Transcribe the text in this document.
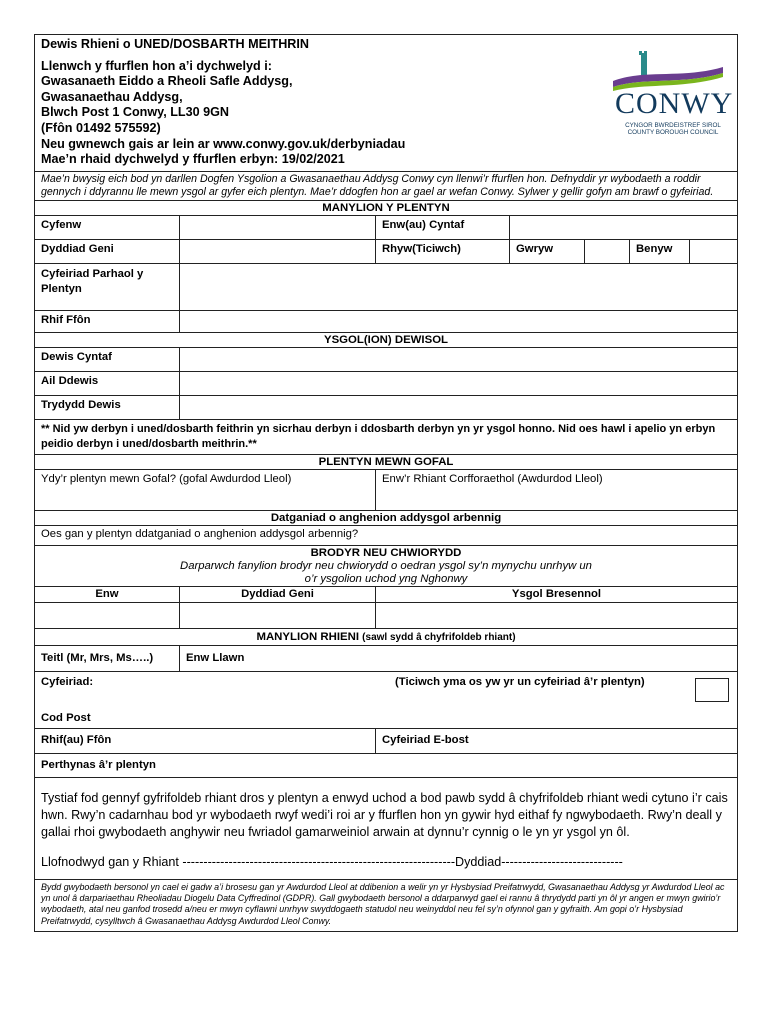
Dewis Rhieni o UNED/DOSBARTH MEITHRIN
Llenwch y ffurflen hon a’i dychwelyd i:
Gwasanaeth Eiddo a Rheoli Safle Addysg,
Gwasanaethau Addysg,
Blwch Post 1 Conwy, LL30 9GN
(Ffôn 01492 575592)
Neu gwnewch gais ar lein ar www.conwy.gov.uk/derbyniadau
Mae’n rhaid dychwelyd y ffurflen erbyn: 19/02/2021
CONWY
CYNGOR BWRDEISTREF SIROL
COUNTY BOROUGH COUNCIL
Mae’n bwysig eich bod yn darllen Dogfen Ysgolion a Gwasanaethau Addysg Conwy cyn llenwi’r ffurflen hon. Defnyddir yr wybodaeth a roddir gennych i ddyrannu lle mewn ysgol ar gyfer eich plentyn. Mae’r ddogfen hon ar gael ar wefan Conwy. Sylwer y gellir gofyn am brawf o gyfeiriad.
MANYLION Y PLENTYN
Cyfenw	Enw(au) Cyntaf
Dyddiad Geni	Rhyw(Ticiwch)	Gwryw	Benyw
Cyfeiriad Parhaol y Plentyn
Rhif Ffôn
YSGOL(ION) DEWISOL
Dewis Cyntaf
Ail Ddewis
Trydydd Dewis
** Nid yw derbyn i uned/dosbarth feithrin yn sicrhau derbyn i ddosbarth derbyn yn yr ysgol honno. Nid oes hawl i apelio yn erbyn peidio derbyn i uned/dosbarth meithrin.**
PLENTYN MEWN GOFAL
Ydy’r plentyn mewn Gofal? (gofal Awdurdod Lleol)	Enw’r Rhiant Corfforaethol (Awdurdod Lleol)
Datganiad o anghenion addysgol arbennig
Oes gan y plentyn ddatganiad o anghenion addysgol arbennig?
BRODYR NEU CHWIORYDD
Darparwch fanylion brodyr neu chwiorydd o oedran ysgol sy’n mynychu unrhyw un
o’r ysgolion uchod yng Nghonwy
Enw	Dyddiad Geni	Ysgol Bresennol
MANYLION RHIENI (sawl sydd â chyfrifoldeb rhiant)
Teitl (Mr, Mrs, Ms…..)	Enw Llawn
Cyfeiriad:	(Ticiwch yma os yw yr un cyfeiriad â’r plentyn)
Cod Post
Rhif(au) Ffôn	Cyfeiriad E-bost
Perthynas â’r plentyn
Tystiaf fod gennyf gyfrifoldeb rhiant dros y plentyn a enwyd uchod a bod pawb sydd â chyfrifoldeb rhiant wedi cytuno i’r cais hwn. Rwy’n cadarnhau bod yr wybodaeth rwyf wedi’i roi ar y ffurflen hon yn gywir hyd eithaf fy ngwybodaeth. Rwy’n deall y gallai rhoi gwybodaeth anghywir neu fwriadol gamarweiniol arwain at dynnu’r cynnig o le yn yr ysgol yn ôl.
Llofnodwyd gan y Rhiant -----------------------------------------------------------------Dyddiad-----------------------------
Bydd gwybodaeth bersonol yn cael ei gadw a’i brosesu gan yr Awdurdod Lleol at ddibenion a welir yn yr Hysbysiad Preifatrwydd, Gwasanaethau Addysg yr Awdurdod Lleol ac yn unol â darpariaethau Rheoliadau Diogelu Data Cyffredinol (GDPR). Gall gwybodaeth bersonol a ddarparwyd gael ei rannu â thrydydd parti yn ôl yr angen er mwyn gwirio’r wybodaeth, atal neu ganfod trosedd a/neu er mwyn cyflawni unrhyw swyddogaeth statudol neu weinyddol neu fel sy’n ofynnol gan y gyfraith. Am gopi o’r Hysbysiad Preifatrwydd, cysylltwch â Gwasanaethau Addysg Awdurdod Lleol Conwy.
